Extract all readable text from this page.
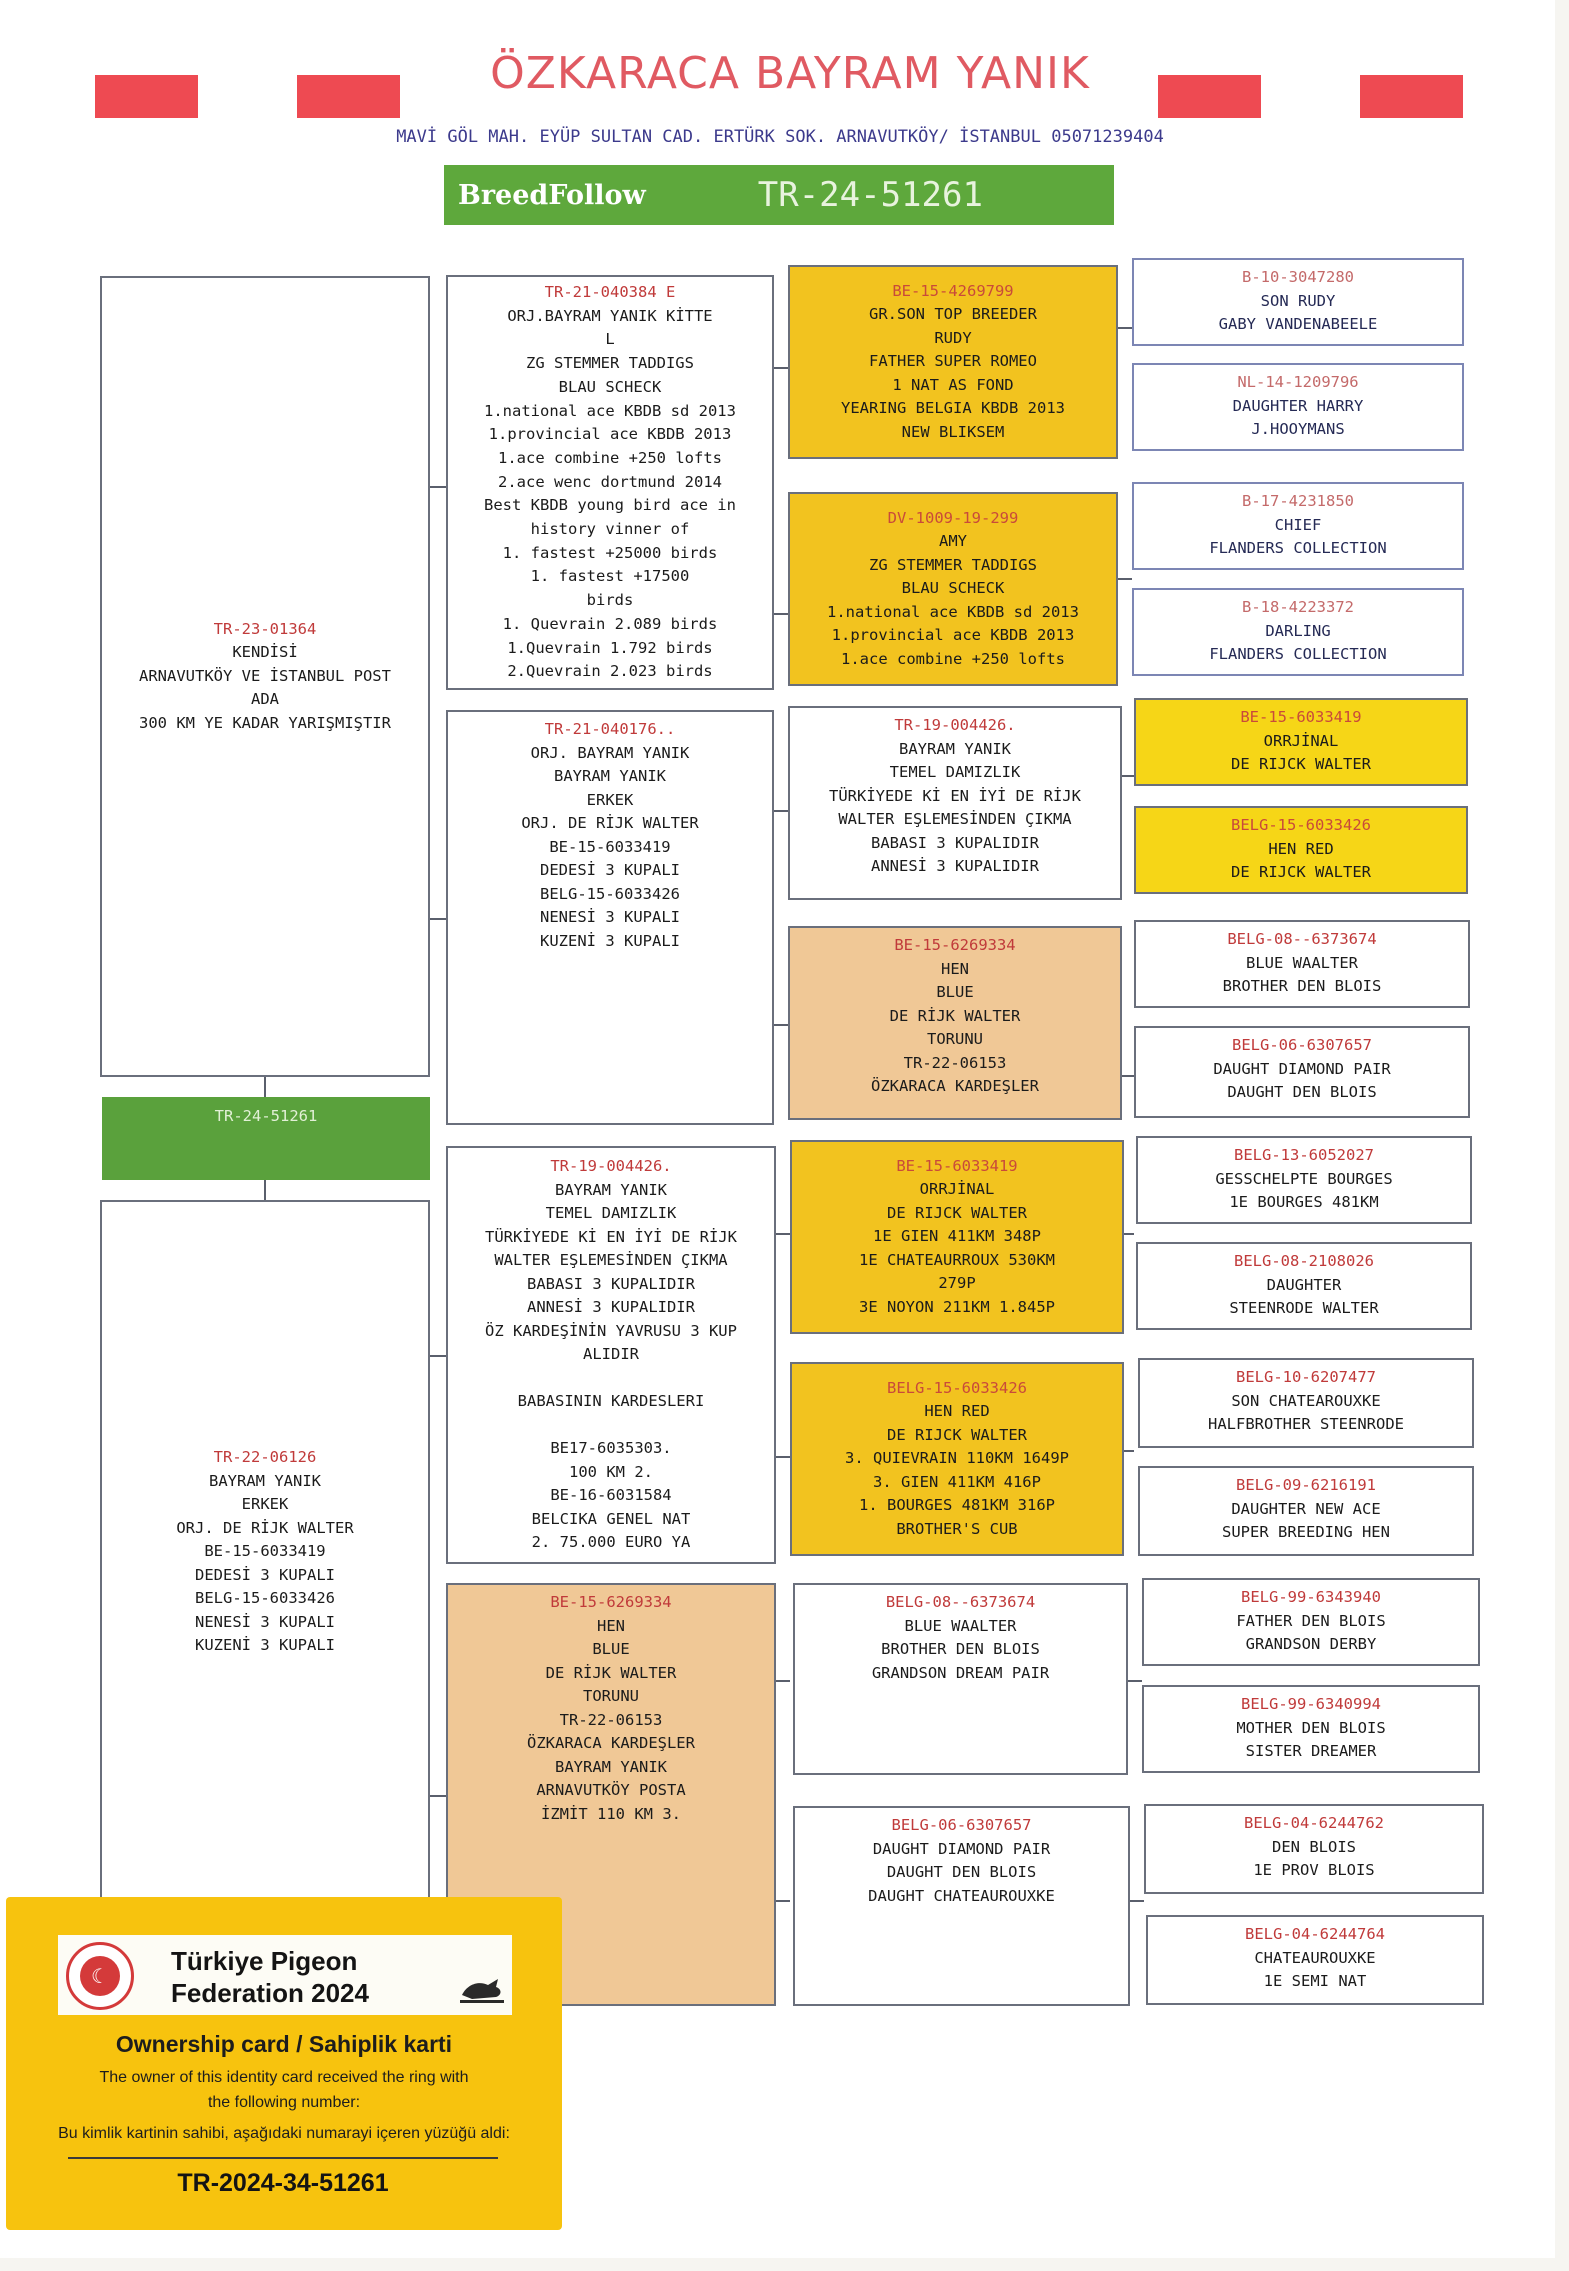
ÖZKARACA BAYRAM YANIK
MAVİ GÖL MAH. EYÜP SULTAN CAD. ERTÜRK SOK. ARNAVUTKÖY/ İSTANBUL 05071239404
BreedFollow	TR-24-51261
TR-23-01364
KENDİSİ
ARNAVUTKÖY VE İSTANBUL POST
ADA
300 KM YE KADAR YARIŞMIŞTIR
TR-24-51261
TR-22-06126
BAYRAM YANIK
ERKEK
ORJ. DE RİJK WALTER
BE-15-6033419
DEDESİ 3 KUPALI
BELG-15-6033426
NENESİ 3 KUPALI
KUZENİ 3 KUPALI
TR-21-040384 E
ORJ.BAYRAM YANIK KİTTE
L
ZG STEMMER TADDIGS
BLAU SCHECK
1.national ace KBDB sd 2013
1.provincial ace KBDB 2013
1.ace combine +250 lofts
2.ace wenc dortmund 2014
Best KBDB young bird ace in
history vinner of
1. fastest +25000 birds
1. fastest +17500
birds
1. Quevrain 2.089 birds
1.Quevrain 1.792 birds
2.Quevrain 2.023 birds
TR-21-040176..
ORJ. BAYRAM YANIK
BAYRAM YANIK
ERKEK
ORJ. DE RİJK WALTER
BE-15-6033419
DEDESİ 3 KUPALI
BELG-15-6033426
NENESİ 3 KUPALI
KUZENİ 3 KUPALI
TR-19-004426.
BAYRAM YANIK
TEMEL DAMIZLIK
TÜRKİYEDE Kİ EN İYİ DE RİJK
WALTER EŞLEMESİNDEN ÇIKMA
BABASI 3 KUPALIDIR
ANNESİ 3 KUPALIDIR
ÖZ KARDEŞİNİN YAVRUSU 3 KUP
ALIDIR

BABASININ KARDESLERI

BE17-6035303.
100 KM 2.
BE-16-6031584
BELCIKA GENEL NAT
2. 75.000 EURO YA
BE-15-6269334
HEN
BLUE
DE RİJK WALTER
TORUNU
TR-22-06153
ÖZKARACA KARDEŞLER
BAYRAM YANIK
ARNAVUTKÖY POSTA
İZMİT 110 KM 3.
BE-15-4269799
GR.SON TOP BREEDER
RUDY
FATHER SUPER ROMEO
1 NAT AS FOND
YEARING BELGIA KBDB 2013
NEW BLIKSEM
DV-1009-19-299
AMY
ZG STEMMER TADDIGS
BLAU SCHECK
1.national ace KBDB sd 2013
1.provincial ace KBDB 2013
1.ace combine +250 lofts
TR-19-004426.
BAYRAM YANIK
TEMEL DAMIZLIK
TÜRKİYEDE Kİ EN İYİ DE RİJK
WALTER EŞLEMESİNDEN ÇIKMA
BABASI 3 KUPALIDIR
ANNESİ 3 KUPALIDIR
BE-15-6269334
HEN
BLUE
DE RİJK WALTER
TORUNU
TR-22-06153
ÖZKARACA KARDEŞLER
BE-15-6033419
ORRJİNAL
DE RIJCK WALTER
1E GIEN 411KM 348P
1E CHATEAURROUX 530KM
279P
3E NOYON 211KM 1.845P
BELG-15-6033426
HEN RED
DE RIJCK WALTER
3. QUIEVRAIN 110KM 1649P
3. GIEN 411KM 416P
1. BOURGES 481KM 316P
BROTHER'S CUB
BELG-08--6373674
BLUE WAALTER
BROTHER DEN BLOIS
GRANDSON DREAM PAIR
BELG-06-6307657
DAUGHT DIAMOND PAIR
DAUGHT DEN BLOIS
DAUGHT CHATEAUROUXKE
B-10-3047280
SON RUDY
GABY VANDENABEELE
NL-14-1209796
DAUGHTER HARRY
J.HOOYMANS
B-17-4231850
CHIEF
FLANDERS COLLECTION
B-18-4223372
DARLING
FLANDERS COLLECTION
BE-15-6033419
ORRJİNAL
DE RIJCK WALTER
BELG-15-6033426
HEN RED
DE RIJCK WALTER
BELG-08--6373674
BLUE WAALTER
BROTHER DEN BLOIS
BELG-06-6307657
DAUGHT DIAMOND PAIR
DAUGHT DEN BLOIS
BELG-13-6052027
GESSCHELPTE BOURGES
1E BOURGES 481KM
BELG-08-2108026
DAUGHTER
STEENRODE WALTER
BELG-10-6207477
SON CHATEAROUXKE
HALFBROTHER STEENRODE
BELG-09-6216191
DAUGHTER NEW ACE
SUPER BREEDING HEN
BELG-99-6343940
FATHER DEN BLOIS
GRANDSON DERBY
BELG-99-6340994
MOTHER DEN BLOIS
SISTER DREAMER
BELG-04-6244762
DEN BLOIS
1E PROV BLOIS
BELG-04-6244764
CHATEAUROUXKE
1E SEMI NAT
☾
Türkiye Pigeon
Federation 2024
Ownership card / Sahiplik karti
The owner of this identity card received the ring with
the following number:
Bu kimlik kartinin sahibi, aşağıdaki numarayi içeren yüzüğü aldi:
TR-2024-34-51261
